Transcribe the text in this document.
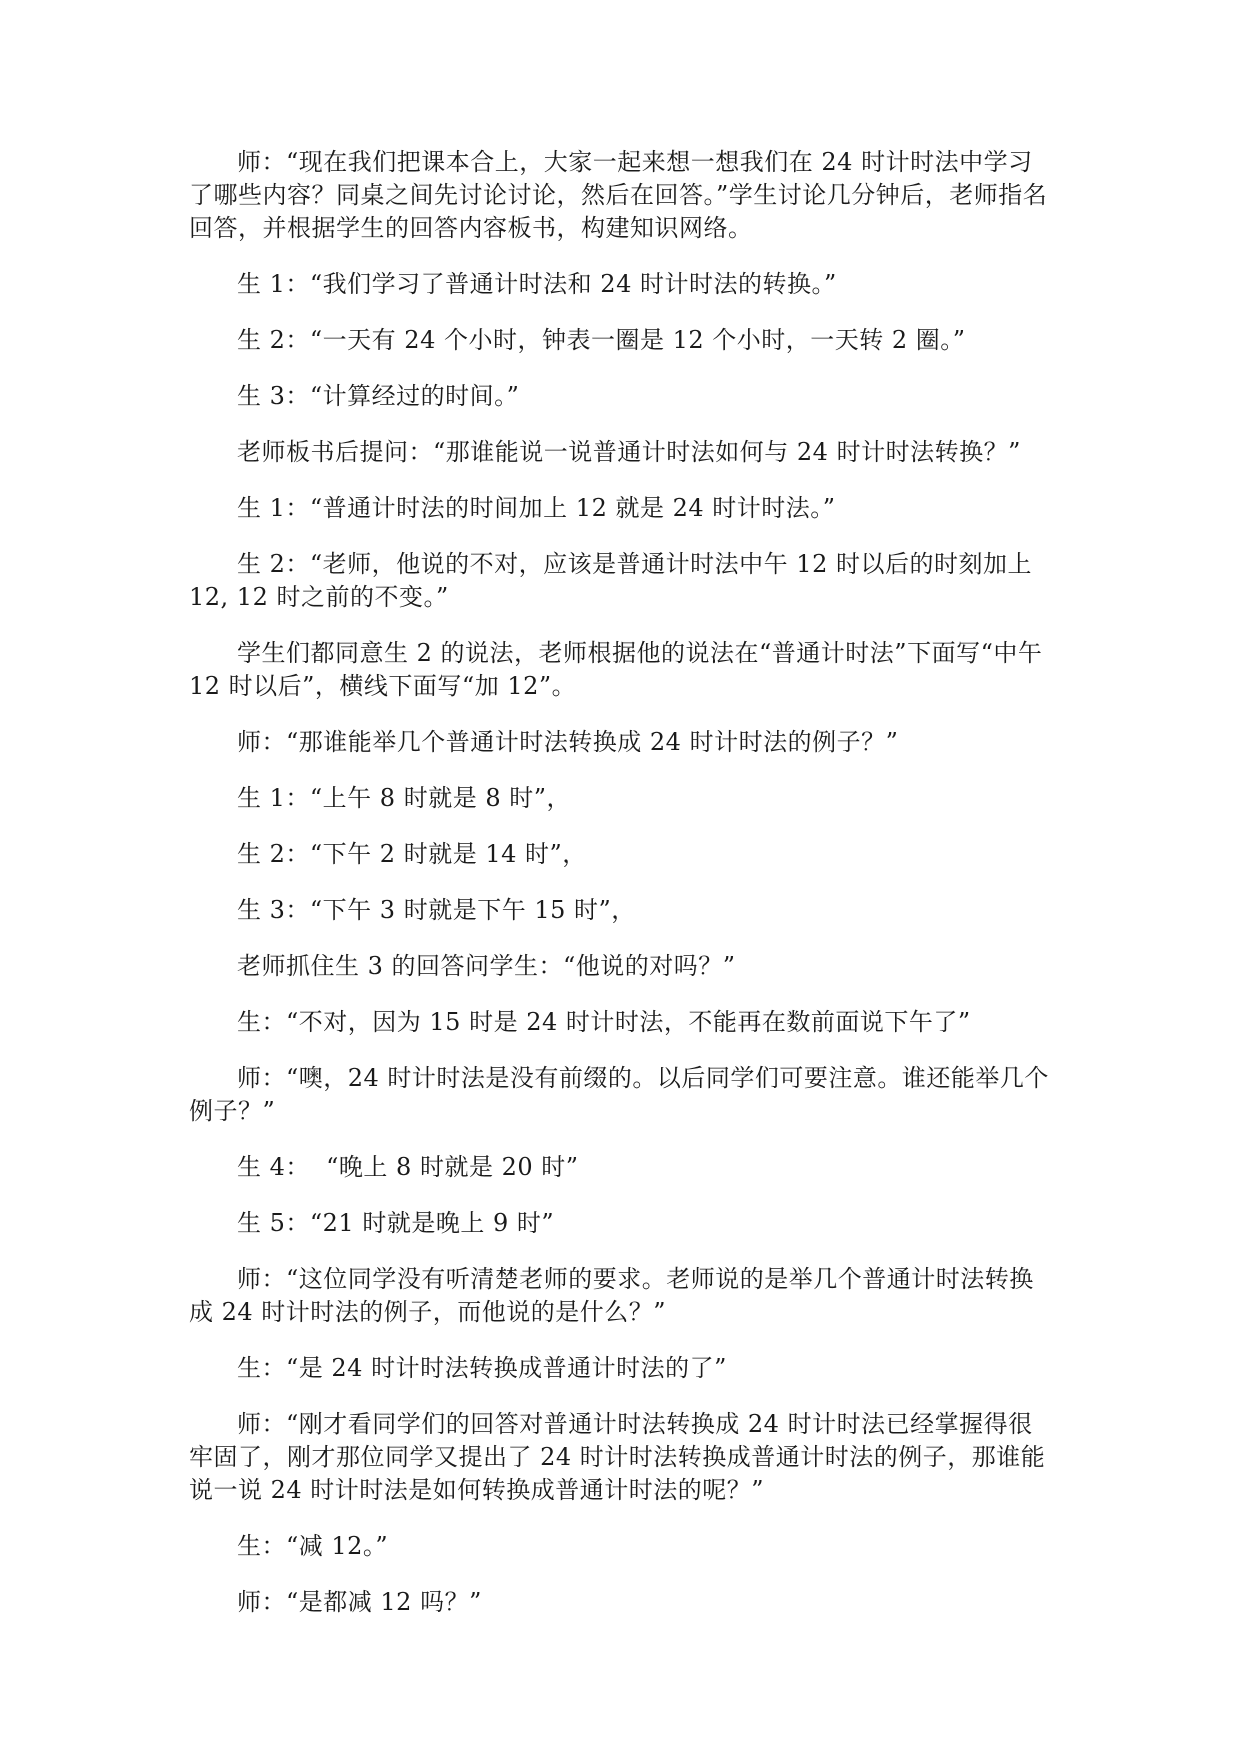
师：“现在我们把课本合上，大家一起来想一想我们在 24 时计时法中学习了哪些内容？同桌之间先讨论讨论，然后在回答。”学生讨论几分钟后，老师指名回答，并根据学生的回答内容板书，构建知识网络。

生 1：“我们学习了普通计时法和 24 时计时法的转换。”

生 2：“一天有 24 个小时，钟表一圈是 12 个小时，一天转 2 圈。”

生 3：“计算经过的时间。”

老师板书后提问：“那谁能说一说普通计时法如何与 24 时计时法转换？”

生 1：“普通计时法的时间加上 12 就是 24 时计时法。”

生 2：“老师，他说的不对，应该是普通计时法中午 12 时以后的时刻加上 12, 12 时之前的不变。”

学生们都同意生 2 的说法，老师根据他的说法在“普通计时法”下面写“中午 12 时以后”，横线下面写“加 12”。

师：“那谁能举几个普通计时法转换成 24 时计时法的例子？”

生 1：“上午 8 时就是 8 时”，

生 2：“下午 2 时就是 14 时”，

生 3：“下午 3 时就是下午 15 时”，

老师抓住生 3 的回答问学生：“他说的对吗？”

生：“不对，因为 15 时是 24 时计时法，不能再在数前面说下午了”

师：“噢，24 时计时法是没有前缀的。以后同学们可要注意。谁还能举几个例子？”

生 4：  “晚上 8 时就是 20 时”

生 5：“21 时就是晚上 9 时”

师：“这位同学没有听清楚老师的要求。老师说的是举几个普通计时法转换成 24 时计时法的例子，而他说的是什么？”

生：“是 24 时计时法转换成普通计时法的了”

师：“刚才看同学们的回答对普通计时法转换成 24 时计时法已经掌握得很牢固了，刚才那位同学又提出了 24 时计时法转换成普通计时法的例子，那谁能说一说 24 时计时法是如何转换成普通计时法的呢？”

生：“减 12。”

师：“是都减 12 吗？”
